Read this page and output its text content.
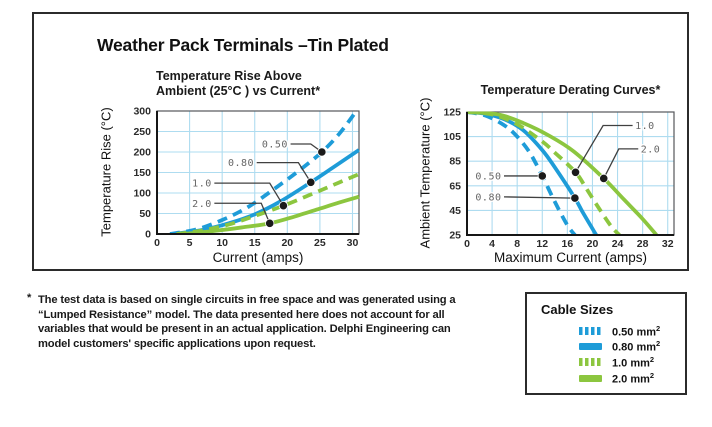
Weather Pack Terminals –Tin Plated
Temperature Rise Above
Ambient (25°C ) vs Current*	Temperature Derating Curves*
Temperature Rise (°C)	Ambient Temperature (°C)
0.50
0.80
1.0
2.0
0	5 10 15 20 25 30
0
50
100
150
200
250
300
0.50
0.80
1.0
2.0
0 4 8 12 16 20 24 28 32
25
45
65
85
105
125
Current (amps)	Maximum Current (amps)
* The test data is based on single circuits in free space and was generated using a
“Lumped Resistance” model. The data presented here does not account for all
variables that would be present in an actual application. Delphi Engineering can
model customers' specific applications upon request.
Cable Sizes
0.50 $mm^2$
0.80 $mm^2$
1.0 $mm^2$
2.0 $mm^2$
